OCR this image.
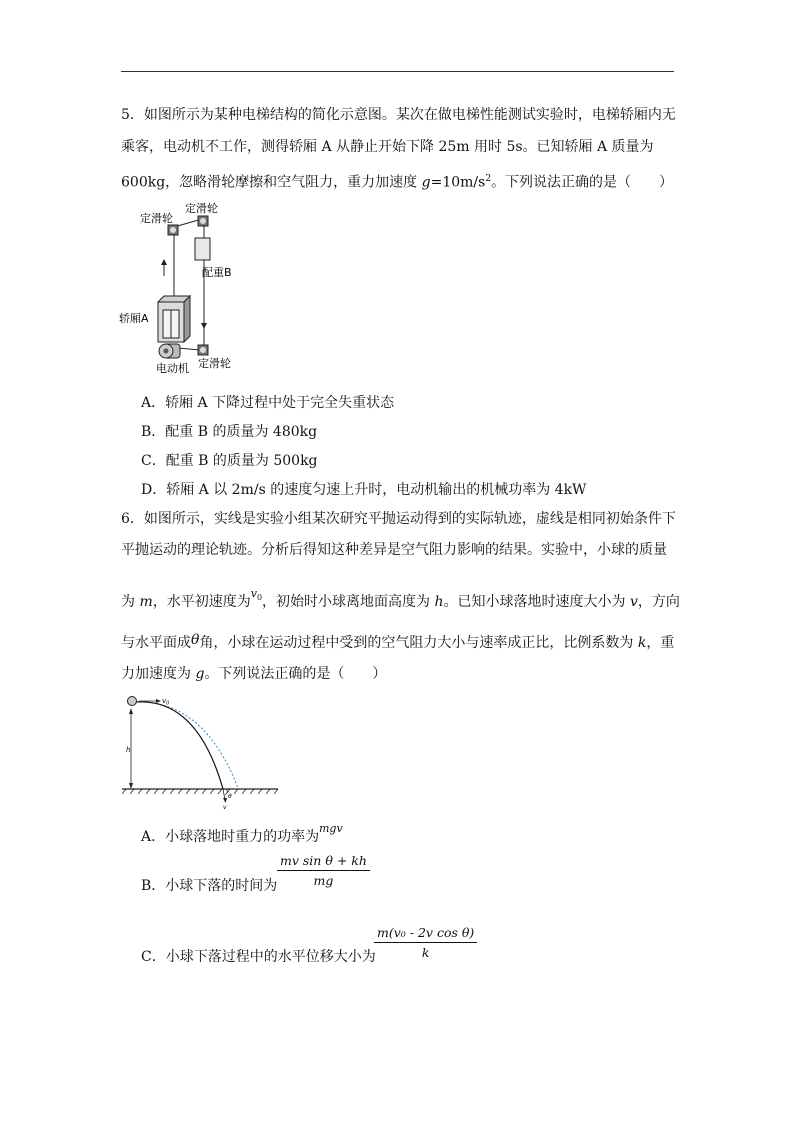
5．如图所示为某种电梯结构的简化示意图。某次在做电梯性能测试实验时，电梯轿厢内无
乘客，电动机不工作，测得轿厢 A 从静止开始下降 25m 用时 5s。已知轿厢 A 质量为
600kg，忽略滑轮摩擦和空气阻力，重力加速度 $g=10m/s^2$。下列说法正确的是（　　）
定滑轮
定滑轮
配重B
轿厢A
电动机 定滑轮
A．轿厢 A 下降过程中处于完全失重状态
B．配重 B 的质量为 480kg
C．配重 B 的质量为 500kg
D．轿厢 A 以 2m/s 的速度匀速上升时，电动机输出的机械功率为 4kW
6．如图所示，实线是实验小组某次研究平抛运动得到的实际轨迹，虚线是相同初始条件下
平抛运动的理论轨迹。分析后得知这种差异是空气阻力影响的结果。实验中，小球的质量
为 m，水平初速度为$^{v_0}$，初始时小球离地面高度为 h。已知小球落地时速度大小为 v，方向
与水平面成θ角，小球在运动过程中受到的空气阻力大小与速率成正比，比例系数为 k，重
力加速度为 g。下列说法正确的是（　　）
h
$v_0$
θ
v
A．小球落地时重力的功率为
mgv
B．小球下落的时间为 $\frac{\text{mv sin θ + kh}}{mg}$
C．小球下落过程中的水平位移大小为
$\frac{\text{m(v₀ - 2v cos θ)}}{k}$
